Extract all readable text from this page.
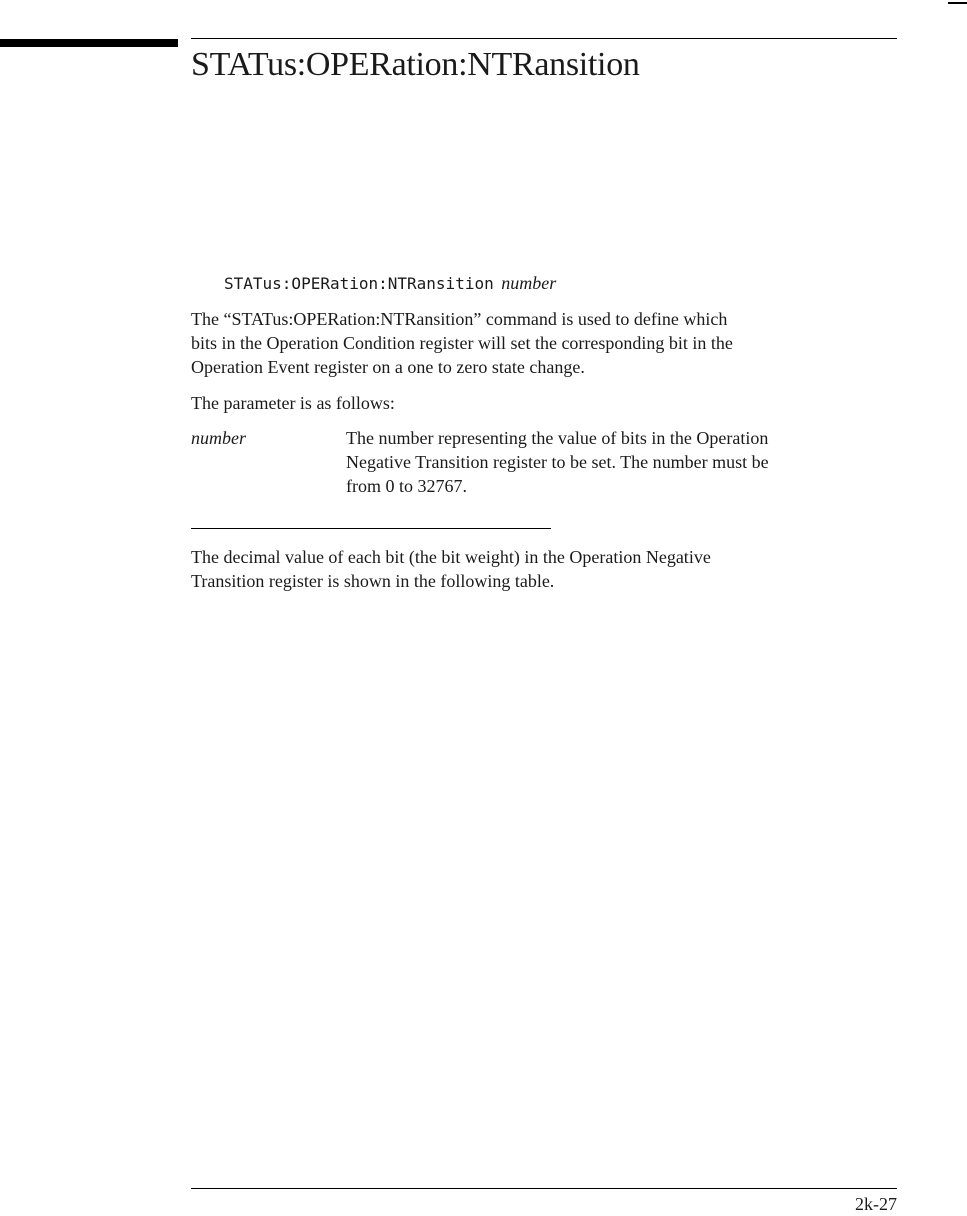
STATus:OPERation:NTRansition
STATus:OPERation:NTRansition number

The “STATus:OPERation:NTRansition” command is used to define which
bits in the Operation Condition register will set the corresponding bit in the
Operation Event register on a one to zero state change.

The parameter is as follows:

number	The number representing the value of bits in the Operation
Negative Transition register to be set. The number must be
from 0 to 32767.

The decimal value of each bit (the bit weight) in the Operation Negative
Transition register is shown in the following table.

2k-27
